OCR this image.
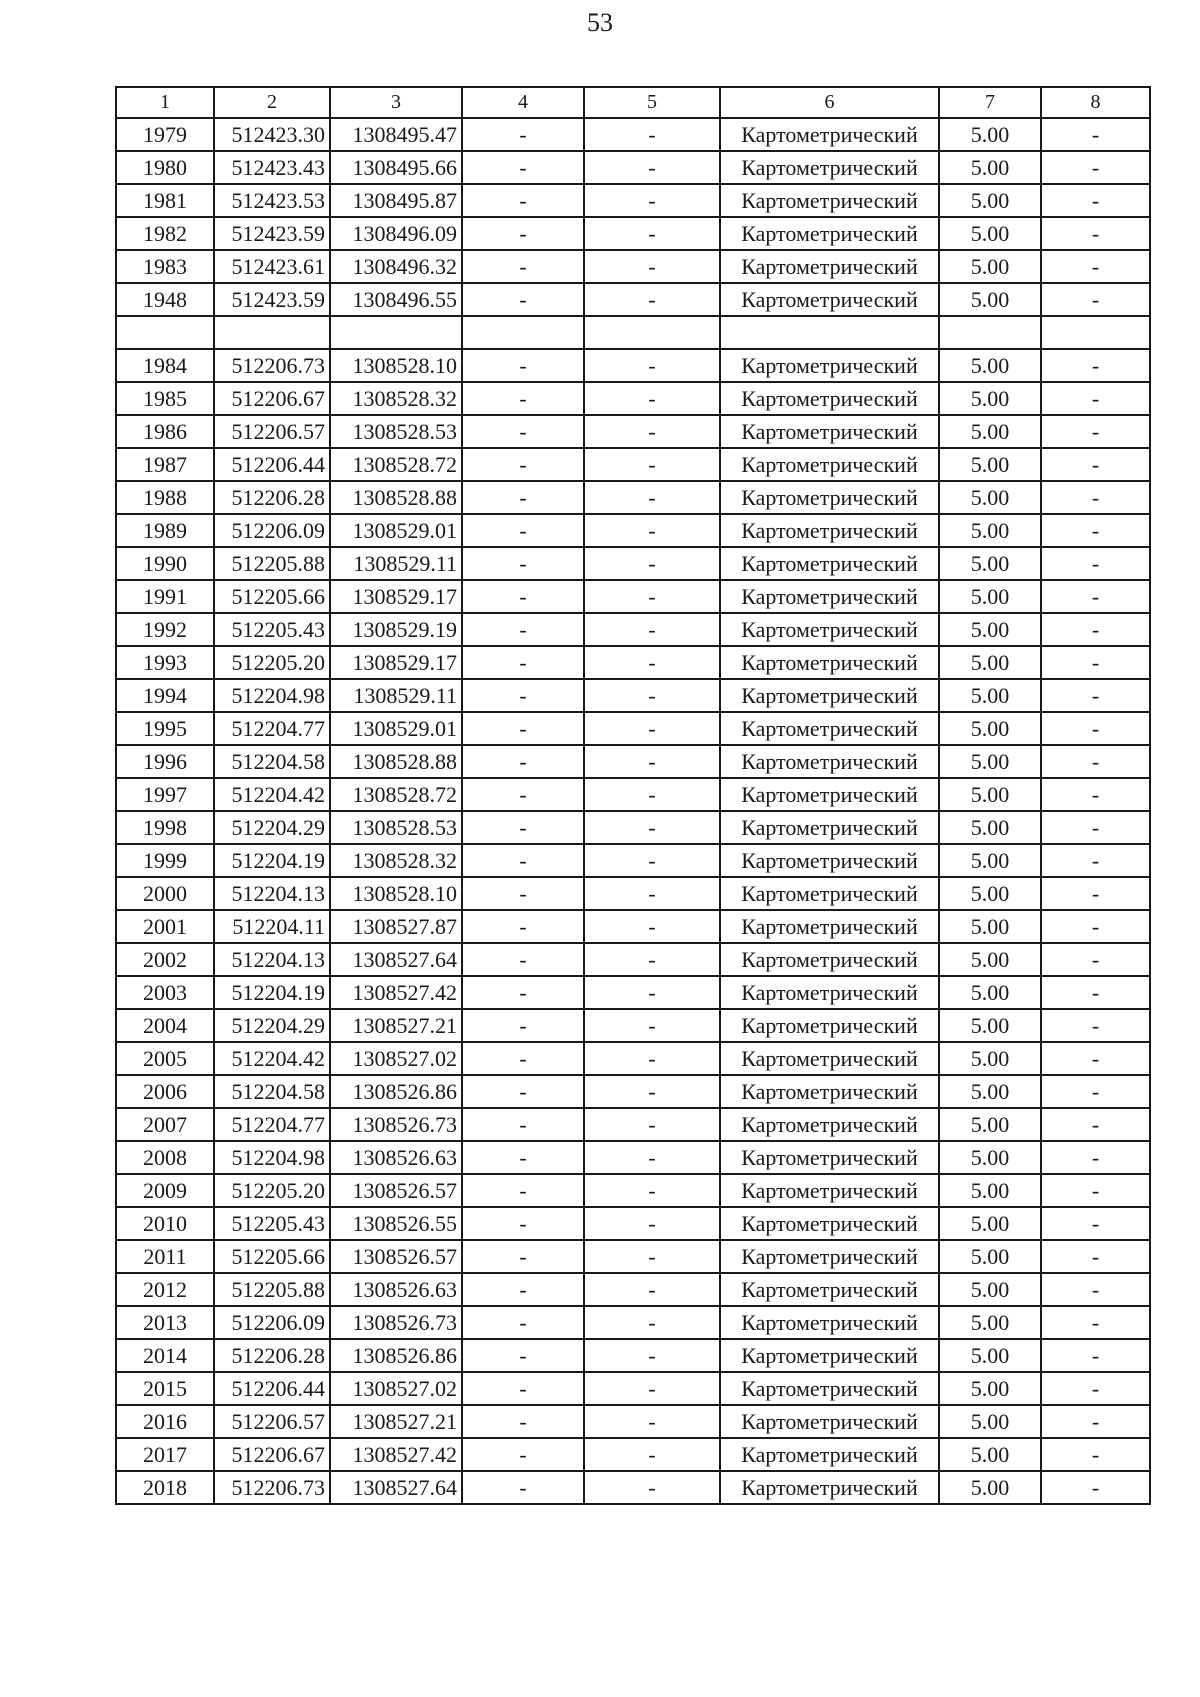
53
1	2	3	4	5	6	7	8
1979	512423.30	1308495.47	-	-	Картометрический	5.00	-
1980	512423.43	1308495.66	-	-	Картометрический	5.00	-
1981	512423.53	1308495.87	-	-	Картометрический	5.00	-
1982	512423.59	1308496.09	-	-	Картометрический	5.00	-
1983	512423.61	1308496.32	-	-	Картометрический	5.00	-
1948	512423.59	1308496.55	-	-	Картометрический	5.00	-

1984	512206.73	1308528.10	-	-	Картометрический	5.00	-
1985	512206.67	1308528.32	-	-	Картометрический	5.00	-
1986	512206.57	1308528.53	-	-	Картометрический	5.00	-
1987	512206.44	1308528.72	-	-	Картометрический	5.00	-
1988	512206.28	1308528.88	-	-	Картометрический	5.00	-
1989	512206.09	1308529.01	-	-	Картометрический	5.00	-
1990	512205.88	1308529.11	-	-	Картометрический	5.00	-
1991	512205.66	1308529.17	-	-	Картометрический	5.00	-
1992	512205.43	1308529.19	-	-	Картометрический	5.00	-
1993	512205.20	1308529.17	-	-	Картометрический	5.00	-
1994	512204.98	1308529.11	-	-	Картометрический	5.00	-
1995	512204.77	1308529.01	-	-	Картометрический	5.00	-
1996	512204.58	1308528.88	-	-	Картометрический	5.00	-
1997	512204.42	1308528.72	-	-	Картометрический	5.00	-
1998	512204.29	1308528.53	-	-	Картометрический	5.00	-
1999	512204.19	1308528.32	-	-	Картометрический	5.00	-
2000	512204.13	1308528.10	-	-	Картометрический	5.00	-
2001	512204.11	1308527.87	-	-	Картометрический	5.00	-
2002	512204.13	1308527.64	-	-	Картометрический	5.00	-
2003	512204.19	1308527.42	-	-	Картометрический	5.00	-
2004	512204.29	1308527.21	-	-	Картометрический	5.00	-
2005	512204.42	1308527.02	-	-	Картометрический	5.00	-
2006	512204.58	1308526.86	-	-	Картометрический	5.00	-
2007	512204.77	1308526.73	-	-	Картометрический	5.00	-
2008	512204.98	1308526.63	-	-	Картометрический	5.00	-
2009	512205.20	1308526.57	-	-	Картометрический	5.00	-
2010	512205.43	1308526.55	-	-	Картометрический	5.00	-
2011	512205.66	1308526.57	-	-	Картометрический	5.00	-
2012	512205.88	1308526.63	-	-	Картометрический	5.00	-
2013	512206.09	1308526.73	-	-	Картометрический	5.00	-
2014	512206.28	1308526.86	-	-	Картометрический	5.00	-
2015	512206.44	1308527.02	-	-	Картометрический	5.00	-
2016	512206.57	1308527.21	-	-	Картометрический	5.00	-
2017	512206.67	1308527.42	-	-	Картометрический	5.00	-
2018	512206.73	1308527.64	-	-	Картометрический	5.00	-
